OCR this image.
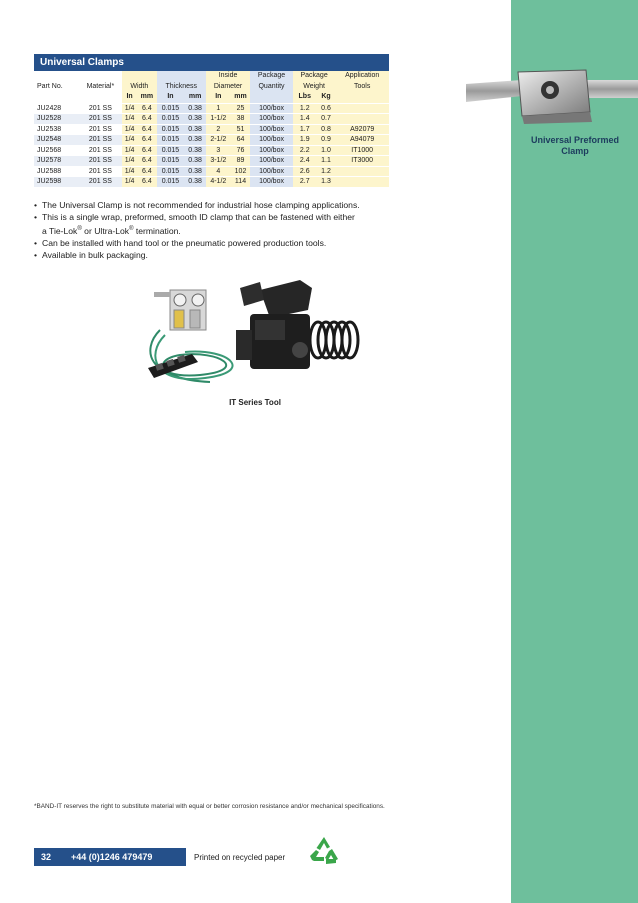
Universal Preformed Clamp
Universal Clamps
						Inside		Package	Package		Application
Part No.	Material*	Width		Thickness		Diameter		Quantity	Weight		Tools
		In	mm	In	mm	In	mm		Lbs	Kg	
JU2428	201 SS	1/4	6.4	0.015	0.38	1	25	100/box	1.2	0.6	
JU2528	201 SS	1/4	6.4	0.015	0.38	1-1/2	38	100/box	1.4	0.7	
JU2538	201 SS	1/4	6.4	0.015	0.38	2	51	100/box	1.7	0.8	A92079
JU2548	201 SS	1/4	6.4	0.015	0.38	2-1/2	64	100/box	1.9	0.9	A94079
JU2568	201 SS	1/4	6.4	0.015	0.38	3	76	100/box	2.2	1.0	IT1000
JU2578	201 SS	1/4	6.4	0.015	0.38	3-1/2	89	100/box	2.4	1.1	IT3000
JU2588	201 SS	1/4	6.4	0.015	0.38	4	102	100/box	2.6	1.2	
JU2598	201 SS	1/4	6.4	0.015	0.38	4-1/2	114	100/box	2.7	1.3	
• The Universal Clamp is not recommended for industrial hose clamping applications.
• This is a single wrap, preformed, smooth ID clamp that can be fastened with either
a Tie-Lok® or Ultra-Lok® termination.
• Can be installed with hand tool or the pneumatic powered production tools.
• Available in bulk packaging.
IT Series Tool
*BAND-IT reserves the right to substitute material with equal or better corrosion resistance and/or mechanical specifications.
32	+44 (0)1246 479479	Printed on recycled paper
